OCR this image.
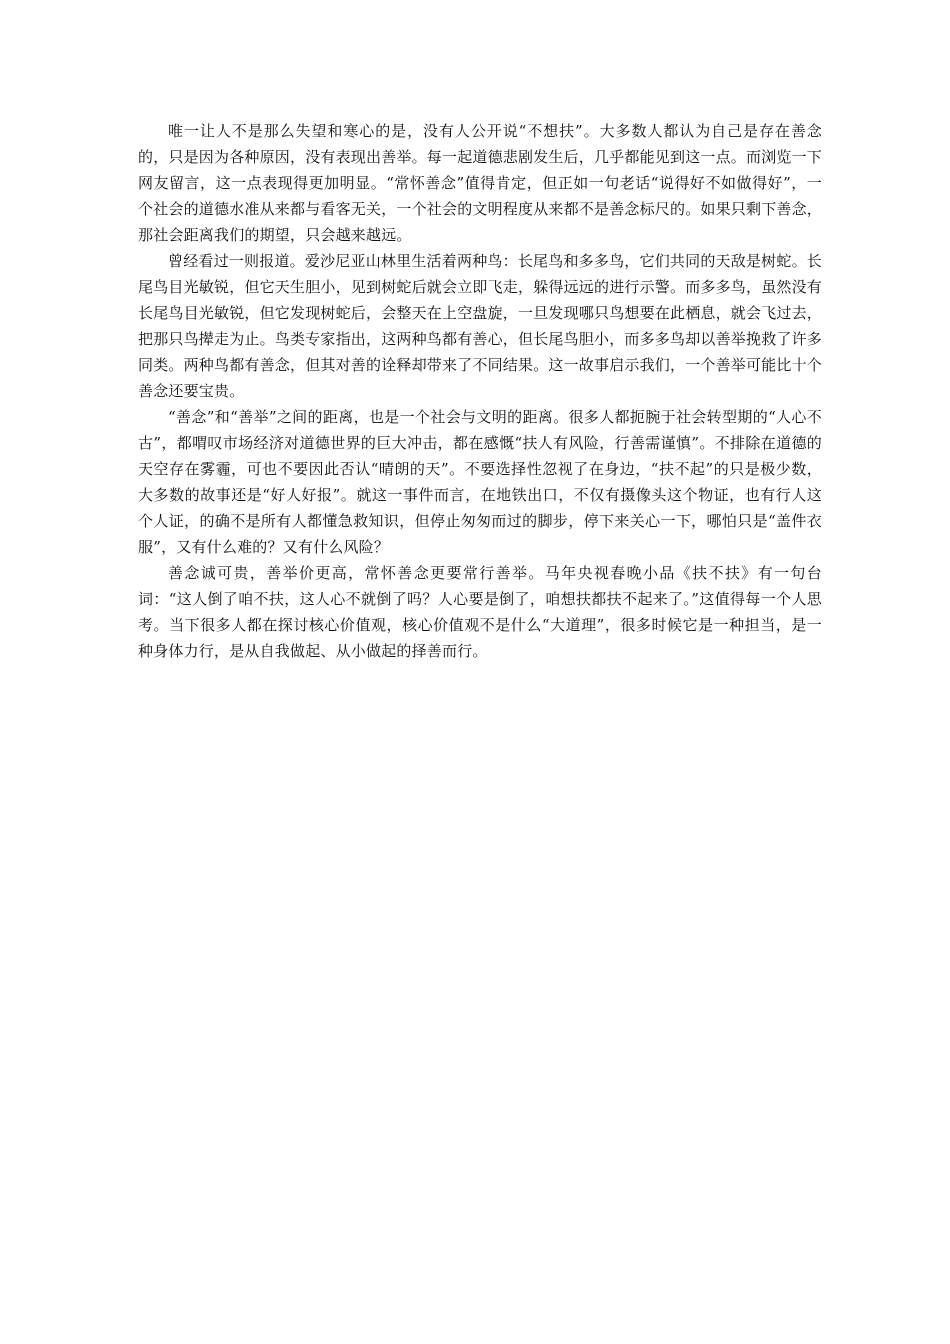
唯一让人不是那么失望和寒心的是，没有人公开说“不想扶”。大多数人都认为自己是存在善念的，只是因为各种原因，没有表现出善举。每一起道德悲剧发生后，几乎都能见到这一点。而浏览一下网友留言，这一点表现得更加明显。“常怀善念”值得肯定，但正如一句老话“说得好不如做得好”，一个社会的道德水准从来都与看客无关，一个社会的文明程度从来都不是善念标尺的。如果只剩下善念，那社会距离我们的期望，只会越来越远。

曾经看过一则报道。爱沙尼亚山林里生活着两种鸟：长尾鸟和多多鸟，它们共同的天敌是树蛇。长尾鸟目光敏锐，但它天生胆小，见到树蛇后就会立即飞走，躲得远远的进行示警。而多多鸟，虽然没有长尾鸟目光敏锐，但它发现树蛇后，会整天在上空盘旋，一旦发现哪只鸟想要在此栖息，就会飞过去，把那只鸟撵走为止。鸟类专家指出，这两种鸟都有善心，但长尾鸟胆小，而多多鸟却以善举挽救了许多同类。两种鸟都有善念，但其对善的诠释却带来了不同结果。这一故事启示我们，一个善举可能比十个善念还要宝贵。

“善念”和“善举”之间的距离，也是一个社会与文明的距离。很多人都扼腕于社会转型期的“人心不古”，都喟叹市场经济对道德世界的巨大冲击，都在感慨“扶人有风险，行善需谨慎”。不排除在道德的天空存在雾霾，可也不要因此否认“晴朗的天”。不要选择性忽视了在身边，“扶不起”的只是极少数，大多数的故事还是“好人好报”。就这一事件而言，在地铁出口，不仅有摄像头这个物证，也有行人这个人证，的确不是所有人都懂急救知识，但停止匆匆而过的脚步，停下来关心一下，哪怕只是“盖件衣服”，又有什么难的？又有什么风险？

善念诚可贵，善举价更高，常怀善念更要常行善举。马年央视春晚小品《扶不扶》有一句台词：“这人倒了咱不扶，这人心不就倒了吗？人心要是倒了，咱想扶都扶不起来了。”这值得每一个人思考。当下很多人都在探讨核心价值观，核心价值观不是什么“大道理”，很多时候它是一种担当，是一种身体力行，是从自我做起、从小做起的择善而行。
